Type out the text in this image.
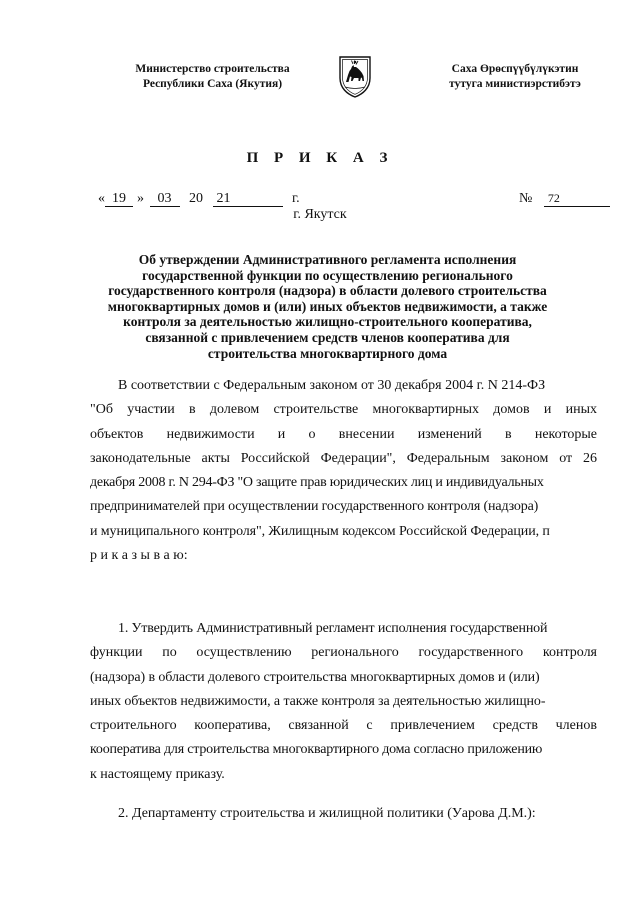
Министерство строительства
Республики Саха (Якутия)
Саха Өрөспүүбүлүкэтин
тутуга министиэрстибэтэ
П Р И К А З
« 19 » 03 20 21	г.	№ 72
г. Якутск
Об утверждении Административного регламента исполнения
государственной функции по осуществлению регионального
государственного контроля (надзора) в области долевого строительства
многоквартирных домов и (или) иных объектов недвижимости, а также
контроля за деятельностью жилищно-строительного кооператива,
связанной с привлечением средств членов кооператива для
строительства многоквартирного дома
В соответствии с Федеральным законом от 30 декабря 2004 г. N 214-ФЗ
"Об участии в долевом строительстве многоквартирных домов и иных
объектов недвижимости и о внесении изменений в некоторые
законодательные акты Российской Федерации", Федеральным законом от 26
декабря 2008 г. N 294-ФЗ "О защите прав юридических лиц и индивидуальных
предпринимателей при осуществлении государственного контроля (надзора)
и муниципального контроля", Жилищным кодексом Российской Федерации, п
р и к а з ы в а ю:
1. Утвердить Административный регламент исполнения государственной
функции по осуществлению регионального государственного контроля
(надзора) в области долевого строительства многоквартирных домов и (или)
иных объектов недвижимости, а также контроля за деятельностью жилищно-
строительного кооператива, связанной с привлечением средств членов
кооператива для строительства многоквартирного дома согласно приложению
к настоящему приказу.
2. Департаменту строительства и жилищной политики (Уарова Д.М.):
